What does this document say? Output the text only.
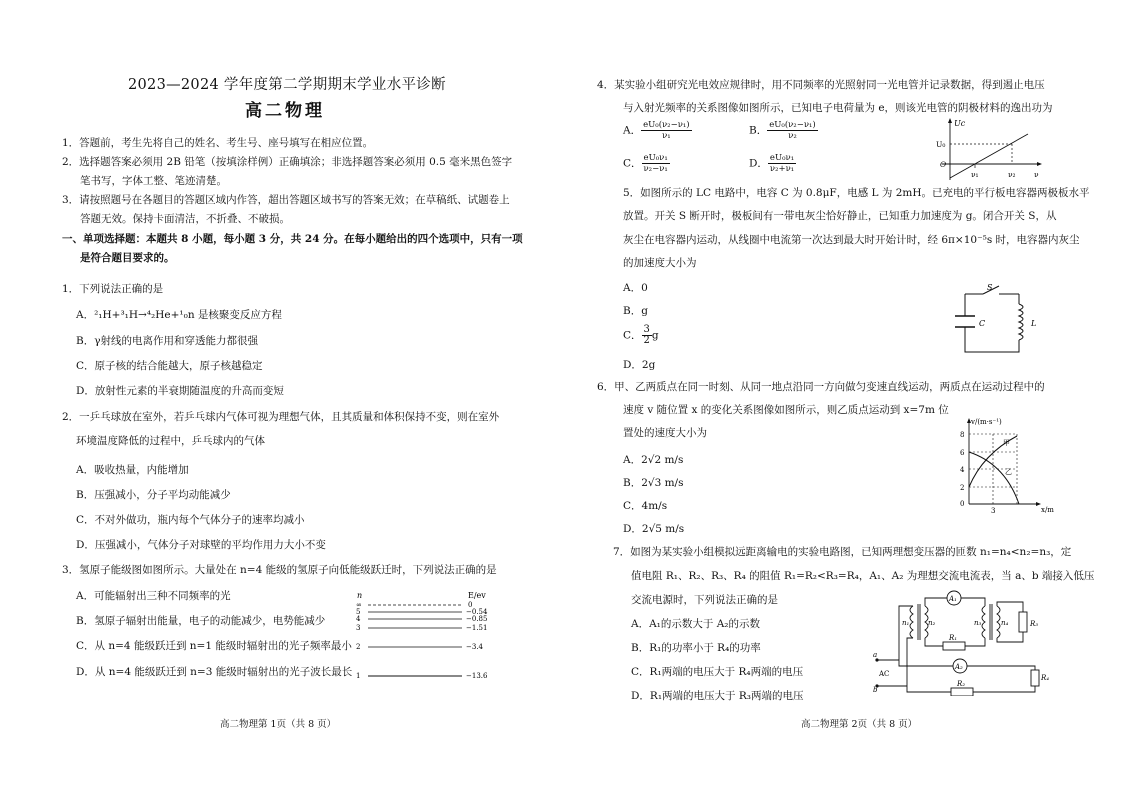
2023—2024 学年度第二学期期末学业水平诊断
高二物理
1．答题前，考生先将自己的姓名、考生号、座号填写在相应位置。
2．选择题答案必须用 2B 铅笔（按填涂样例）正确填涂；非选择题答案必须用 0.5 毫米黑色签字
笔书写，字体工整、笔迹清楚。
3．请按照题号在各题目的答题区域内作答，超出答题区域书写的答案无效；在草稿纸、试题卷上
答题无效。保持卡面清洁，不折叠、不破损。
一、单项选择题：本题共 8 小题，每小题 3 分，共 24 分。在每小题给出的四个选项中，只有一项
是符合题目要求的。
1．下列说法正确的是
A．²₁H+³₁H→⁴₂He+¹₀n 是核聚变反应方程
B．γ射线的电离作用和穿透能力都很强
C．原子核的结合能越大，原子核越稳定
D．放射性元素的半衰期随温度的升高而变短
2．一乒乓球放在室外，若乒乓球内气体可视为理想气体，且其质量和体积保持不变，则在室外
环境温度降低的过程中，乒乓球内的气体
A．吸收热量，内能增加
B．压强减小，分子平均动能减少
C．不对外做功，瓶内每个气体分子的速率均减小
D．压强减小，气体分子对球壁的平均作用力大小不变
3．氢原子能级图如图所示。大量处在 n=4 能级的氢原子向低能级跃迁时，下列说法正确的是
A．可能辐射出三种不同频率的光
B．氢原子辐射出能量，电子的动能减少，电势能减少
C．从 n=4 能级跃迁到 n=1 能级时辐射出的光子频率最小
D．从 n=4 能级跃迁到 n=3 能级时辐射出的光子波长最长
n	E/ev
∞	0
5	−0.54
4	−0.85
3	−1.51
2	−3.4
1	−13.6
高二物理第 1页（共 8 页）
4．某实验小组研究光电效应规律时，用不同频率的光照射同一光电管并记录数据，得到遏止电压
与入射光频率的关系图像如图所示，已知电子电荷量为 e，则该光电管的阴极材料的逸出功为
A． $\frac{\text{eU₀(ν₂−ν₁)}}{\text{ν₁}}$	B． $\frac{\text{eU₀(ν₂−ν₁)}}{\text{ν₂}}$
C． $\frac{\text{eU₀ν₁}}{\text{ν₂−ν₁}}$	D． $\frac{\text{eU₀ν₁}}{\text{ν₂+ν₁}}$
Uc
U₀
O
ν₁	ν₂ ν
5．如图所示的 LC 电路中，电容 C 为 0.8μF，电感 L 为 2mH。已充电的平行板电容器两极板水平
放置。开关 S 断开时，极板间有一带电灰尘恰好静止，已知重力加速度为 g。闭合开关 S，从
灰尘在电容器内运动，从线圈中电流第一次达到最大时开始计时，经 6π×10⁻⁵s 时，电容器内灰尘
的加速度大小为
A．0
B．g
C． $\frac{3}{2}$ g
D．2g
S
C	L
6．甲、乙两质点在同一时刻、从同一地点沿同一方向做匀变速直线运动，两质点在运动过程中的
速度 v 随位置 x 的变化关系图像如图所示，则乙质点运动到 x=7m 位
置处的速度大小为
A．2√2 m/s
B．2√3 m/s
C．4m/s
D．2√5 m/s
v/(m·s⁻¹)
x/m
甲
乙
8
6
4
2
0
3
7．如图为某实验小组模拟远距离输电的实验电路图，已知两理想变压器的匝数 n₁=n₄<n₂=n₃，定
值电阻 R₁、R₂、R₃、R₄ 的阻值 R₁=R₂<R₃=R₄，A₁、A₂ 为理想交流电流表，当 a、b 端接入低压
交流电源时，下列说法正确的是
A．A₁的示数大于 A₂的示数
B．R₁的功率小于 R₄的功率
C．R₁两端的电压大于 R₄两端的电压
D．R₁两端的电压大于 R₃两端的电压
A₁
A₂
n₁	n₂	n₃	n₄
R₁
R₂
R₃
R₄
a
b
AC
高二物理第 2页（共 8 页）
